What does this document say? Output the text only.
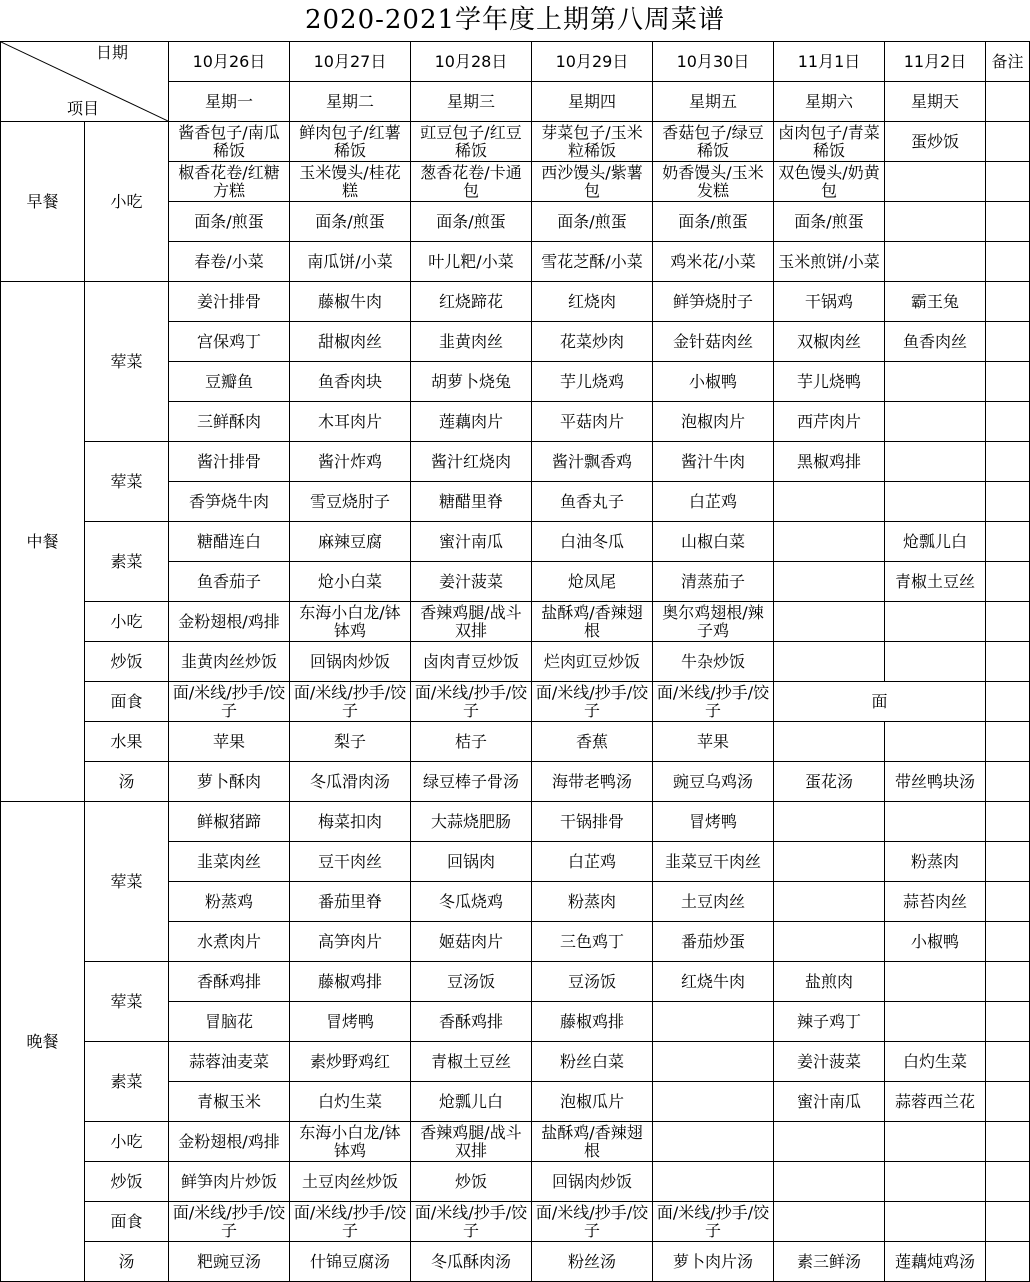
2020-2021学年度上期第八周菜谱
日期
项目		10月26日	10月27日	10月28日	10月29日	10月30日	11月1日	11月2日	备注
		星期一	星期二	星期三	星期四	星期五	星期六	星期天	
早餐	小吃	酱香包子/南瓜稀饭	鲜肉包子/红薯稀饭	豇豆包子/红豆稀饭	芽菜包子/玉米粒稀饭	香菇包子/绿豆稀饭	卤肉包子/青菜稀饭	蛋炒饭	
		椒香花卷/红糖方糕	玉米馒头/桂花糕	葱香花卷/卡通包	西沙馒头/紫薯包	奶香馒头/玉米发糕	双色馒头/奶黄包		
		面条/煎蛋	面条/煎蛋	面条/煎蛋	面条/煎蛋	面条/煎蛋	面条/煎蛋		
		春卷/小菜	南瓜饼/小菜	叶儿粑/小菜	雪花芝酥/小菜	鸡米花/小菜	玉米煎饼/小菜		
中餐	荤菜	姜汁排骨	藤椒牛肉	红烧蹄花	红烧肉	鲜笋烧肘子	干锅鸡	霸王兔	
		宫保鸡丁	甜椒肉丝	韭黄肉丝	花菜炒肉	金针菇肉丝	双椒肉丝	鱼香肉丝	
		豆瓣鱼	鱼香肉块	胡萝卜烧兔	芋儿烧鸡	小椒鸭	芋儿烧鸭		
		三鲜酥肉	木耳肉片	莲藕肉片	平菇肉片	泡椒肉片	西芹肉片		
	荤菜	酱汁排骨	酱汁炸鸡	酱汁红烧肉	酱汁飘香鸡	酱汁牛肉	黑椒鸡排		
		香笋烧牛肉	雪豆烧肘子	糖醋里脊	鱼香丸子	白芷鸡			
	素菜	糖醋连白	麻辣豆腐	蜜汁南瓜	白油冬瓜	山椒白菜		炝瓢儿白	
		鱼香茄子	炝小白菜	姜汁菠菜	炝凤尾	清蒸茄子		青椒土豆丝	
	小吃	金粉翅根/鸡排	东海小白龙/钵钵鸡	香辣鸡腿/战斗双排	盐酥鸡/香辣翅根	奥尔鸡翅根/辣子鸡			
	炒饭	韭黄肉丝炒饭	回锅肉炒饭	卤肉青豆炒饭	烂肉豇豆炒饭	牛杂炒饭			
	面食	面/米线/抄手/饺子	面/米线/抄手/饺子	面/米线/抄手/饺子	面/米线/抄手/饺子	面/米线/抄手/饺子	面		
	水果	苹果	梨子	桔子	香蕉	苹果			
	汤	萝卜酥肉	冬瓜滑肉汤	绿豆棒子骨汤	海带老鸭汤	豌豆乌鸡汤	蛋花汤	带丝鸭块汤	
晚餐	荤菜	鲜椒猪蹄	梅菜扣肉	大蒜烧肥肠	干锅排骨	冒烤鸭			
		韭菜肉丝	豆干肉丝	回锅肉	白芷鸡	韭菜豆干肉丝		粉蒸肉	
		粉蒸鸡	番茄里脊	冬瓜烧鸡	粉蒸肉	土豆肉丝		蒜苔肉丝	
		水煮肉片	高笋肉片	姬菇肉片	三色鸡丁	番茄炒蛋		小椒鸭	
	荤菜	香酥鸡排	藤椒鸡排	豆汤饭	豆汤饭	红烧牛肉	盐煎肉		
		冒脑花	冒烤鸭	香酥鸡排	藤椒鸡排		辣子鸡丁		
	素菜	蒜蓉油麦菜	素炒野鸡红	青椒土豆丝	粉丝白菜		姜汁菠菜	白灼生菜	
		青椒玉米	白灼生菜	炝瓢儿白	泡椒瓜片		蜜汁南瓜	蒜蓉西兰花	
	小吃	金粉翅根/鸡排	东海小白龙/钵钵鸡	香辣鸡腿/战斗双排	盐酥鸡/香辣翅根				
	炒饭	鲜笋肉片炒饭	土豆肉丝炒饭	炒饭	回锅肉炒饭				
	面食	面/米线/抄手/饺子	面/米线/抄手/饺子	面/米线/抄手/饺子	面/米线/抄手/饺子	面/米线/抄手/饺子			
	汤	粑豌豆汤	什锦豆腐汤	冬瓜酥肉汤	粉丝汤	萝卜肉片汤	素三鲜汤	莲藕炖鸡汤	
